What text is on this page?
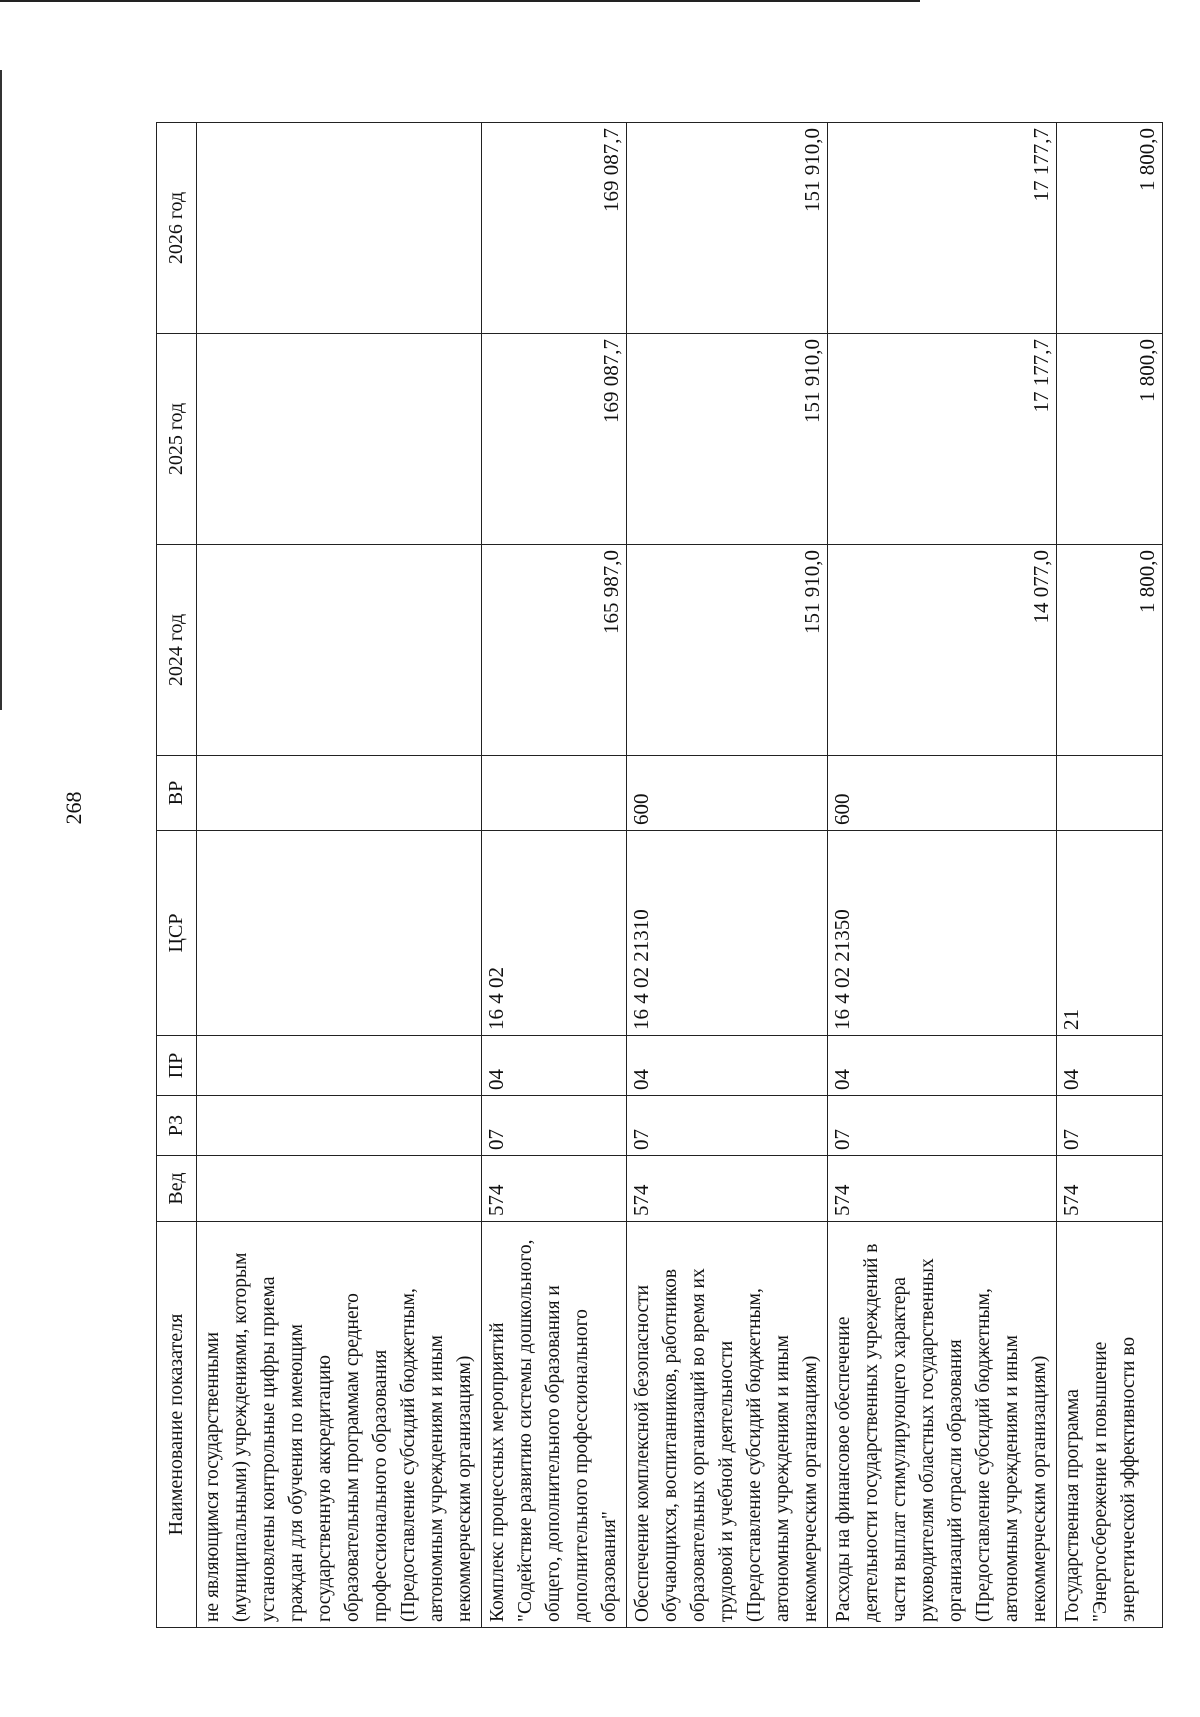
268
Наименование показателя	Вед	РЗ	ПР	ЦСР	ВР	2024 год	2025 год	2026 год
не являющимся государственными (муниципальными) учреждениями, которым установлены контрольные цифры приема граждан для обучения по имеющим государственную аккредитацию образовательным программам среднего профессионального образования (Предоставление субсидий бюджетным, автономным учреждениям и иным некоммерческим организациям)								
Комплекс процессных мероприятий "Содействие развитию системы дошкольного, общего, дополнительного образования и дополнительного профессионального образования"	574	07	04	16 4 02		165 987,0	169 087,7	169 087,7
Обеспечение комплексной безопасности обучающихся, воспитанников, работников образовательных организаций во время их трудовой и учебной деятельности (Предоставление субсидий бюджетным, автономным учреждениям и иным некоммерческим организациям)	574	07	04	16 4 02 21310	600	151 910,0	151 910,0	151 910,0
Расходы на финансовое обеспечение деятельности государственных учреждений в части выплат стимулирующего характера руководителям областных государственных организаций отрасли образования (Предоставление субсидий бюджетным, автономным учреждениям и иным некоммерческим организациям)	574	07	04	16 4 02 21350	600	14 077,0	17 177,7	17 177,7
Государственная программа "Энергосбережение и повышение энергетической эффективности во	574	07	04	21		1 800,0	1 800,0	1 800,0
